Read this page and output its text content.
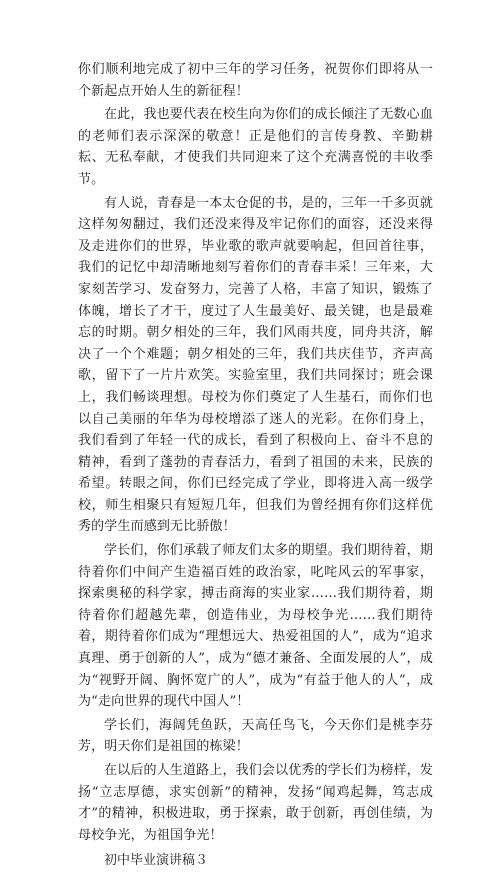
你们顺利地完成了初中三年的学习任务，祝贺你们即将从一个新起点开始人生的新征程！

在此，我也要代表在校生向为你们的成长倾注了无数心血的老师们表示深深的敬意！正是他们的言传身教、辛勤耕耘、无私奉献，才使我们共同迎来了这个充满喜悦的丰收季节。

有人说，青春是一本太仓促的书，是的，三年一千多页就这样匆匆翻过，我们还没来得及牢记你们的面容，还没来得及走进你们的世界，毕业歌的歌声就要响起，但回首往事，我们的记忆中却清晰地刻写着你们的青春丰采！三年来，大家刻苦学习、发奋努力，完善了人格，丰富了知识，锻炼了体魄，增长了才干，度过了人生最美好、最关键，也是最难忘的时期。朝夕相处的三年，我们风雨共度，同舟共济，解决了一个个难题；朝夕相处的三年，我们共庆佳节，齐声高歌，留下了一片片欢笑。实验室里，我们共同探讨；班会课上，我们畅谈理想。母校为你们奠定了人生基石，而你们也以自己美丽的年华为母校增添了迷人的光彩。在你们身上，我们看到了年轻一代的成长，看到了积极向上、奋斗不息的精神，看到了蓬勃的青春活力，看到了祖国的未来，民族的希望。转眼之间，你们已经完成了学业，即将进入高一级学校，师生相聚只有短短几年，但我们为曾经拥有你们这样优秀的学生而感到无比骄傲！

学长们，你们承载了师友们太多的期望。我们期待着，期待着你们中间产生造福百姓的政治家，叱咤风云的军事家，探索奥秘的科学家，搏击商海的实业家……我们期待着，期待着你们超越先辈，创造伟业，为母校争光……我们期待着，期待着你们成为“理想远大、热爱祖国的人”，成为“追求真理、勇于创新的人”，成为“德才兼备、全面发展的人”，成为“视野开阔、胸怀宽广的人”，成为“有益于他人的人”，成为“走向世界的现代中国人”！

学长们，海阔凭鱼跃，天高任鸟飞，今天你们是桃李芬芳，明天你们是祖国的栋梁！

在以后的人生道路上，我们会以优秀的学长们为榜样，发扬“立志厚德，求实创新”的精神，发扬“闻鸡起舞，笃志成才”的精神，积极进取，勇于探索，敢于创新，再创佳绩，为母校争光，为祖国争光！

初中毕业演讲稿３
